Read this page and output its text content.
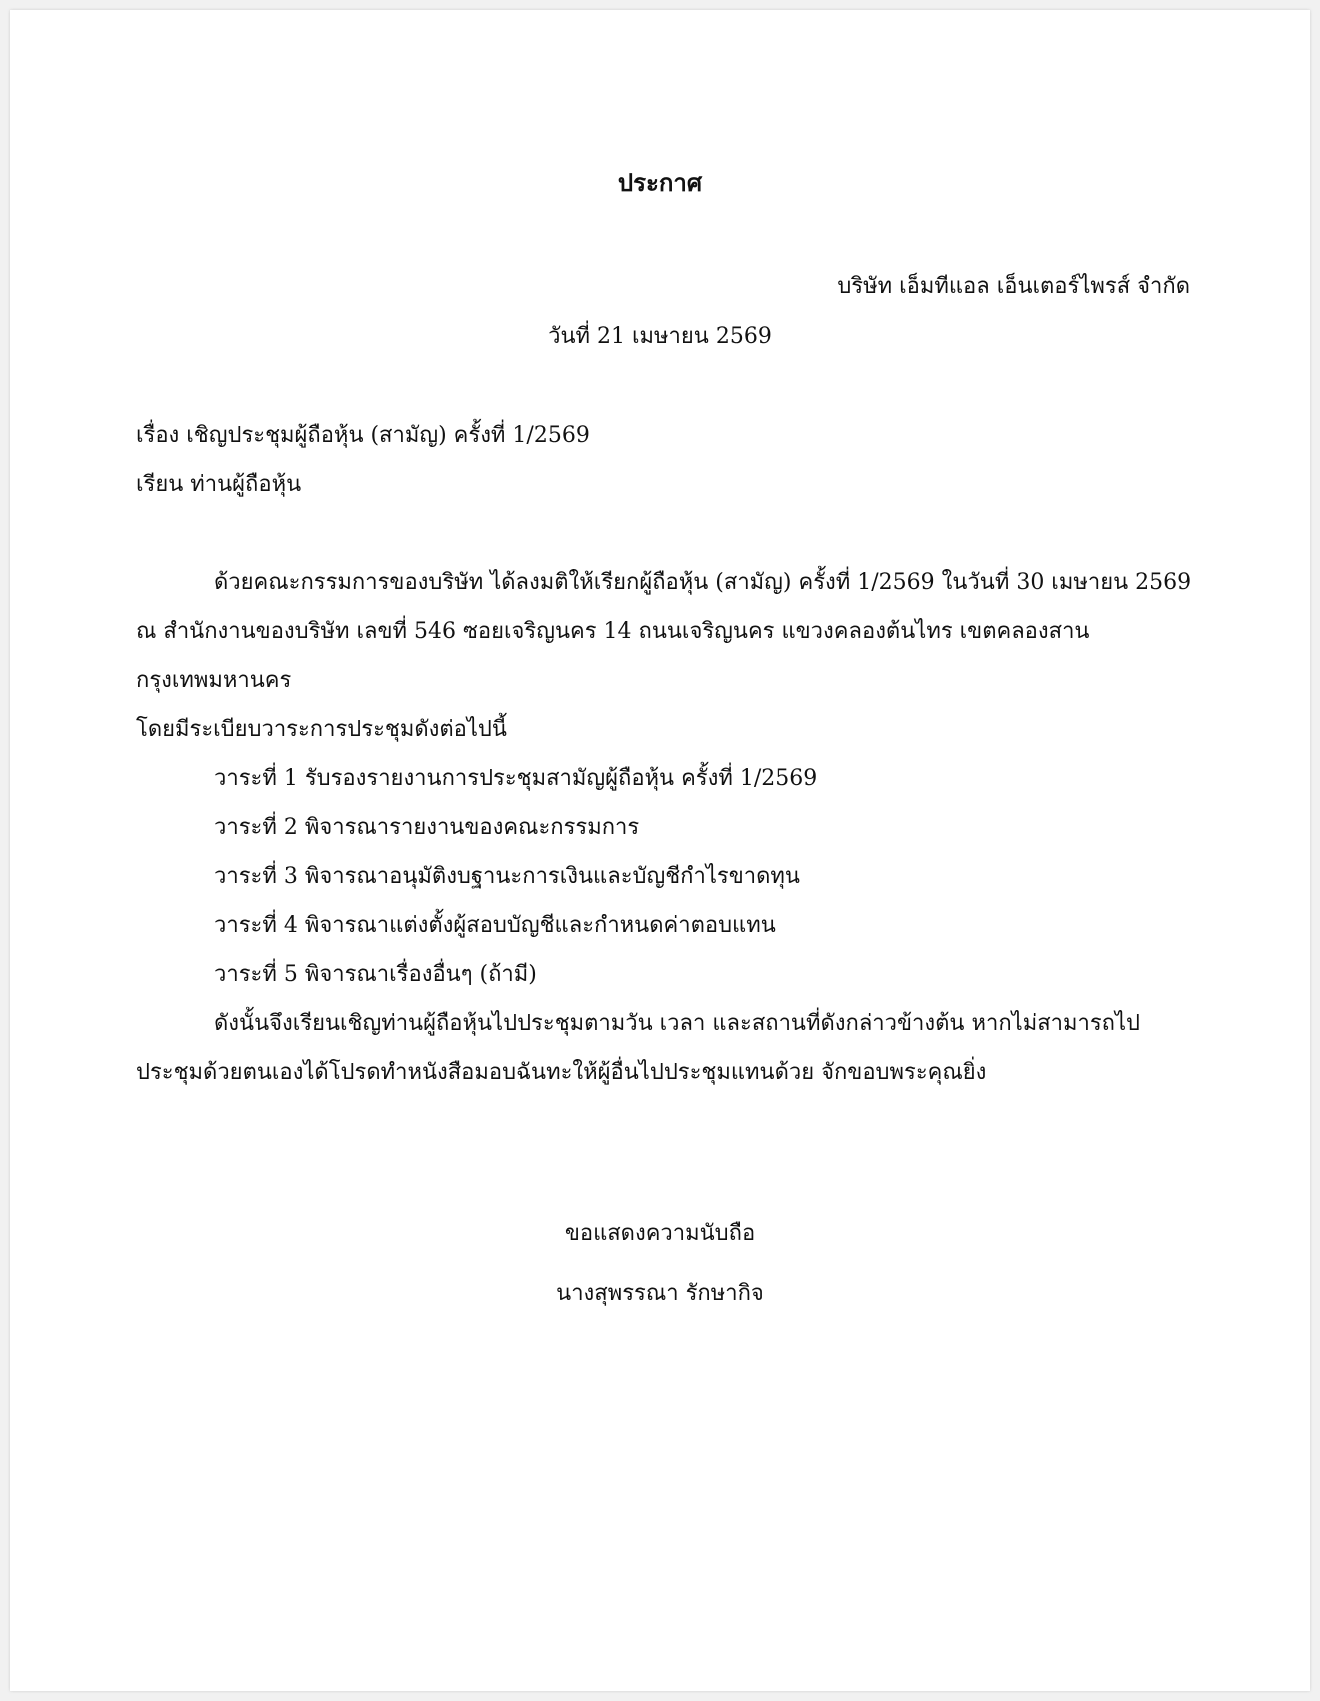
ประกาศ
บริษัท เอ็มทีแอล เอ็นเตอร์ไพรส์ จำกัด
วันที่ 21 เมษายน 2569
เรื่อง เชิญประชุมผู้ถือหุ้น (สามัญ) ครั้งที่ 1/2569
เรียน ท่านผู้ถือหุ้น
ด้วยคณะกรรมการของบริษัท ได้ลงมติให้เรียกผู้ถือหุ้น (สามัญ) ครั้งที่ 1/2569 ในวันที่ 30 เมษายน 2569
ณ สำนักงานของบริษัท เลขที่ 546 ซอยเจริญนคร 14 ถนนเจริญนคร แขวงคลองต้นไทร เขตคลองสาน
กรุงเทพมหานคร
โดยมีระเบียบวาระการประชุมดังต่อไปนี้
วาระที่ 1 รับรองรายงานการประชุมสามัญผู้ถือหุ้น ครั้งที่ 1/2569
วาระที่ 2 พิจารณารายงานของคณะกรรมการ
วาระที่ 3 พิจารณาอนุมัติงบฐานะการเงินและบัญชีกำไรขาดทุน
วาระที่ 4 พิจารณาแต่งตั้งผู้สอบบัญชีและกำหนดค่าตอบแทน
วาระที่ 5 พิจารณาเรื่องอื่นๆ (ถ้ามี)
ดังนั้นจึงเรียนเชิญท่านผู้ถือหุ้นไปประชุมตามวัน เวลา และสถานที่ดังกล่าวข้างต้น หากไม่สามารถไป
ประชุมด้วยตนเองได้โปรดทำหนังสือมอบฉันทะให้ผู้อื่นไปประชุมแทนด้วย จักขอบพระคุณยิ่ง
ขอแสดงความนับถือ
นางสุพรรณา รักษากิจ
